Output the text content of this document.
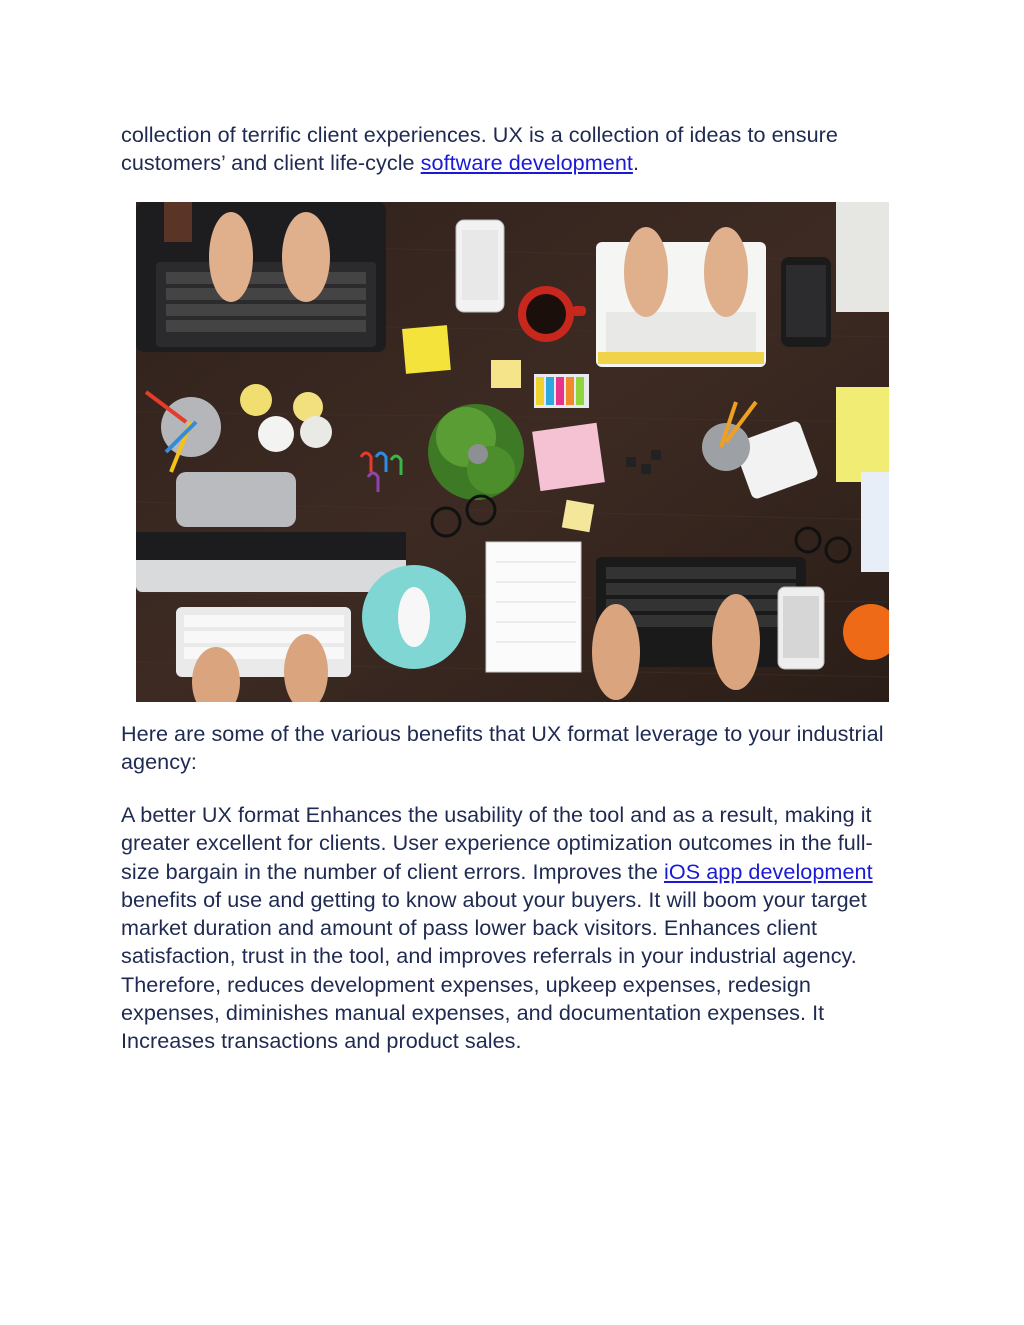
collection of terrific client experiences. UX is a collection of ideas to ensure customers’ and client life-cycle software development.

Here are some of the various benefits that UX format leverage to your industrial agency:

A better UX format Enhances the usability of the tool and as a result, making it greater excellent for clients. User experience optimization outcomes in the full-size bargain in the number of client errors. Improves the iOS app development benefits of use and getting to know about your buyers. It will boom your target market duration and amount of pass lower back visitors. Enhances client satisfaction, trust in the tool, and improves referrals in your industrial agency. Therefore, reduces development expenses, upkeep expenses, redesign expenses, diminishes manual expenses, and documentation expenses. It Increases transactions and product sales.
